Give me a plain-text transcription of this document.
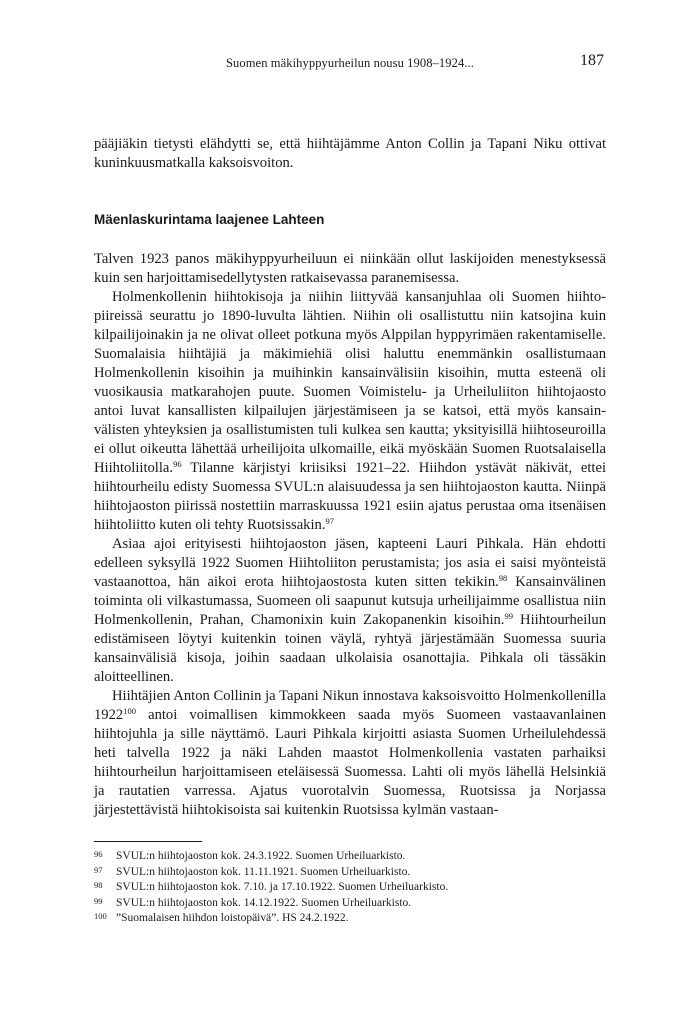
Suomen mäkihyppyurheilun nousu 1908–1924...	187

pääjiäkin tietysti elähdytti se, että hiihtäjämme Anton Collin ja Tapani Niku ottivat kuninkuusmatkalla kaksoisvoiton.

Mäenlaskurintama laajenee Lahteen

Talven 1923 panos mäkihyppyurheiluun ei niinkään ollut laskijoiden menestyksessä kuin sen harjoittamisedellytysten ratkaisevassa paranemisessa.

Holmenkollenin hiihtokisoja ja niihin liittyvää kansanjuhlaa oli Suomen hiihtopiireissä seurattu jo 1890-luvulta lähtien. Niihin oli osallistuttu niin katsojina kuin kilpailijoinakin ja ne olivat olleet potkuna myös Alppilan hyppyrimäen rakentamiselle. Suomalaisia hiihtäjiä ja mäkimiehiä olisi haluttu enemmänkin osallistumaan Holmenkollenin kisoihin ja muihinkin kansainvälisiin kisoihin, mutta esteenä oli vuosikausia matkarahojen puute. Suomen Voimistelu- ja Urheiluliiton hiihtojaosto antoi luvat kansallisten kilpailujen järjestämiseen ja se katsoi, että myös kansainvälisten yhteyksien ja osallistumisten tuli kulkea sen kautta; yksityisillä hiihtoseuroilla ei ollut oikeutta lähettää urheilijoita ulkomaille, eikä myöskään Suomen Ruotsalaisella Hiihtoliitolla.$^{96}$ Tilanne kärjistyi kriisiksi 1921–22. Hiihdon ystävät näkivät, ettei hiihtourheilu edisty Suomessa SVUL:n alaisuudessa ja sen hiihtojaoston kautta. Niinpä hiihtojaoston piirissä nostettiin marraskuussa 1921 esiin ajatus perustaa oma itsenäisen hiihtoliitto kuten oli tehty Ruotsissakin.$^{97}$

Asiaa ajoi erityisesti hiihtojaoston jäsen, kapteeni Lauri Pihkala. Hän ehdotti edelleen syksyllä 1922 Suomen Hiihtoliiton perustamista; jos asia ei saisi myönteistä vastaanottoa, hän aikoi erota hiihtojaostosta kuten sitten tekikin.$^{98}$ Kansainvälinen toiminta oli vilkastumassa, Suomeen oli saapunut kutsuja urheilijaimme osallistua niin Holmenkollenin, Prahan, Chamonixin kuin Zakopanenkin kisoihin.$^{99}$ Hiihtourheilun edistämiseen löytyi kuitenkin toinen väylä, ryhtyä järjestämään Suomessa suuria kansainvälisiä kisoja, joihin saadaan ulkolaisia osanottajia. Pihkala oli tässäkin aloitteellinen.

Hiihtäjien Anton Collinin ja Tapani Nikun innostava kaksoisvoitto Holmenkollenilla 1922$^{100}$ antoi voimallisen kimmokkeen saada myös Suomeen vastaavanlainen hiihtojuhla ja sille näyttämö. Lauri Pihkala kirjoitti asiasta Suomen Urheilulehdessä heti talvella 1922 ja näki Lahden maastot Holmenkollenia vastaten parhaiksi hiihtourheilun harjoittamiseen eteläisessä Suomessa. Lahti oli myös lähellä Helsinkiä ja rautatien varressa. Ajatus vuorotalvin Suomessa, Ruotsissa ja Norjassa järjestettävistä hiihtokisoista sai kuitenkin Ruotsissa kylmän vastaan-

96	SVUL:n hiihtojaoston kok. 24.3.1922. Suomen Urheiluarkisto.
97	SVUL:n hiihtojaoston kok. 11.11.1921. Suomen Urheiluarkisto.
98	SVUL:n hiihtojaoston kok. 7.10. ja 17.10.1922. Suomen Urheiluarkisto.
99	SVUL:n hiihtojaoston kok. 14.12.1922. Suomen Urheiluarkisto.
100 ”Suomalaisen hiihdon loistopäivä”. HS 24.2.1922.
